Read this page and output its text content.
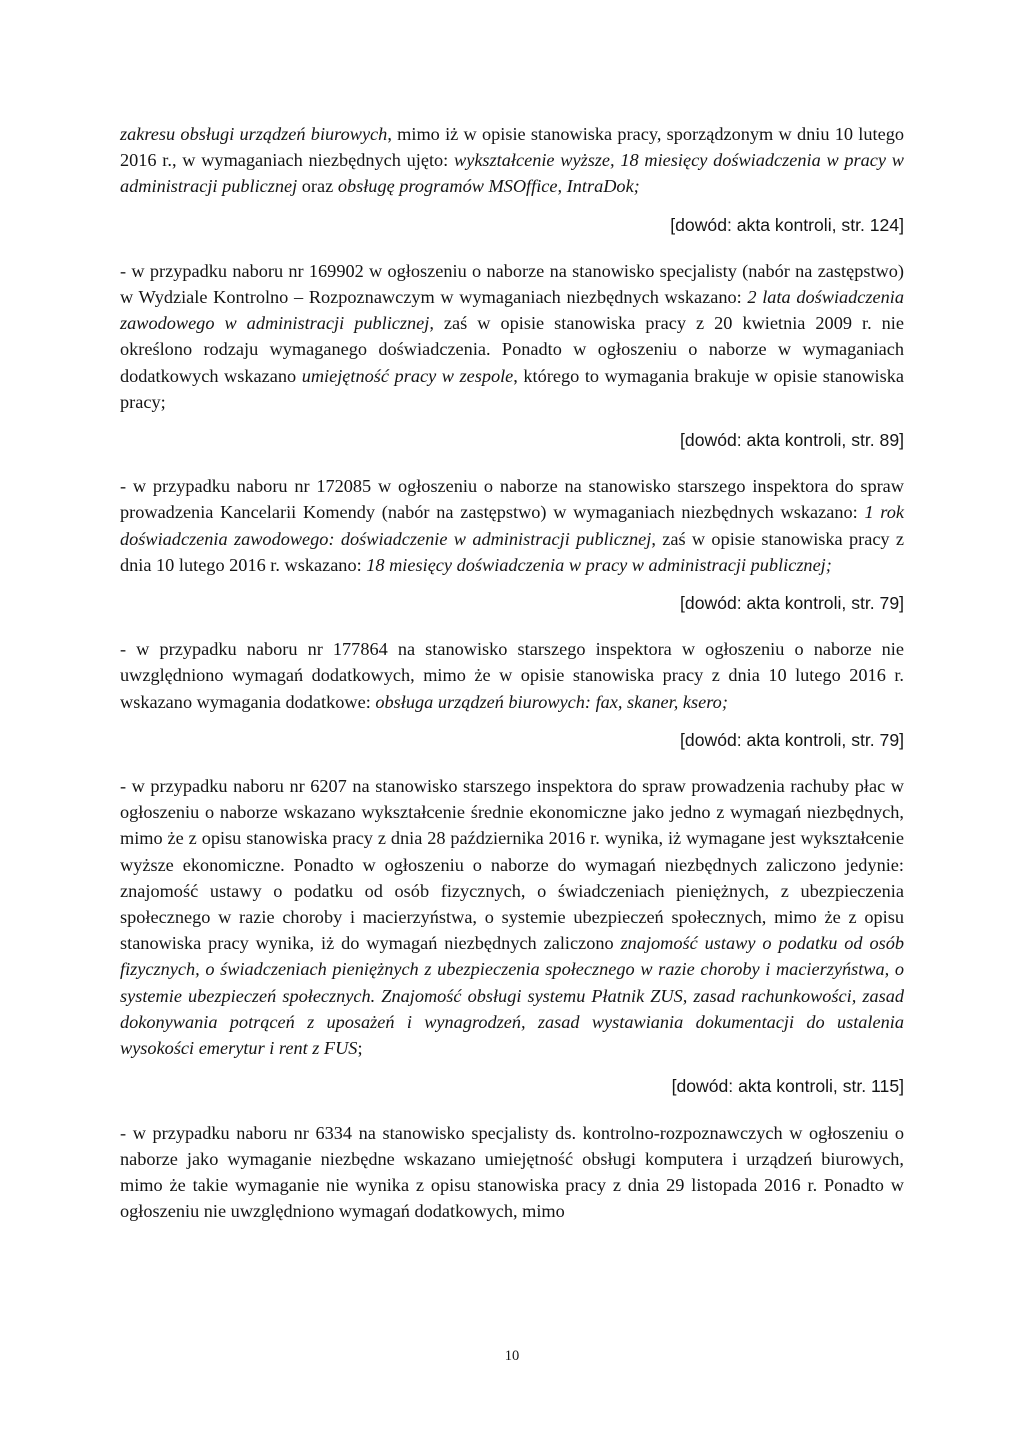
zakresu obsługi urządzeń biurowych, mimo iż w opisie stanowiska pracy, sporządzonym w dniu 10 lutego 2016 r., w wymaganiach niezbędnych ujęto: wykształcenie wyższe, 18 miesięcy doświadczenia w pracy w administracji publicznej oraz obsługę programów MSOffice, IntraDok;

[dowód: akta kontroli, str. 124]

- w przypadku naboru nr 169902 w ogłoszeniu o naborze na stanowisko specjalisty (nabór na zastępstwo) w Wydziale Kontrolno – Rozpoznawczym w wymaganiach niezbędnych wskazano: 2 lata doświadczenia zawodowego w administracji publicznej, zaś w opisie stanowiska pracy z 20 kwietnia 2009 r. nie określono rodzaju wymaganego doświadczenia. Ponadto w ogłoszeniu o naborze w wymaganiach dodatkowych wskazano umiejętność pracy w zespole, którego to wymagania brakuje w opisie stanowiska pracy;

[dowód: akta kontroli, str. 89]

- w przypadku naboru nr 172085 w ogłoszeniu o naborze na stanowisko starszego inspektora do spraw prowadzenia Kancelarii Komendy (nabór na zastępstwo) w wymaganiach niezbędnych wskazano: 1 rok doświadczenia zawodowego: doświadczenie w administracji publicznej, zaś w opisie stanowiska pracy z dnia 10 lutego 2016 r. wskazano: 18 miesięcy doświadczenia w pracy w administracji publicznej;

[dowód: akta kontroli, str. 79]

- w przypadku naboru nr 177864 na stanowisko starszego inspektora w ogłoszeniu o naborze nie uwzględniono wymagań dodatkowych, mimo że w opisie stanowiska pracy z dnia 10 lutego 2016 r. wskazano wymagania dodatkowe: obsługa urządzeń biurowych: fax, skaner, ksero;

[dowód: akta kontroli, str. 79]

- w przypadku naboru nr 6207 na stanowisko starszego inspektora do spraw prowadzenia rachuby płac w ogłoszeniu o naborze wskazano wykształcenie średnie ekonomiczne jako jedno z wymagań niezbędnych, mimo że z opisu stanowiska pracy z dnia 28 października 2016 r. wynika, iż wymagane jest wykształcenie wyższe ekonomiczne. Ponadto w ogłoszeniu o naborze do wymagań niezbędnych zaliczono jedynie: znajomość ustawy o podatku od osób fizycznych, o świadczeniach pieniężnych, z ubezpieczenia społecznego w razie choroby i macierzyństwa, o systemie ubezpieczeń społecznych, mimo że z opisu stanowiska pracy wynika, iż do wymagań niezbędnych zaliczono znajomość ustawy o podatku od osób fizycznych, o świadczeniach pieniężnych z ubezpieczenia społecznego w razie choroby i macierzyństwa, o systemie ubezpieczeń społecznych. Znajomość obsługi systemu Płatnik ZUS, zasad rachunkowości, zasad dokonywania potrąceń z uposażeń i wynagrodzeń, zasad wystawiania dokumentacji do ustalenia wysokości emerytur i rent z FUS;

[dowód: akta kontroli, str. 115]

- w przypadku naboru nr 6334 na stanowisko specjalisty ds. kontrolno-rozpoznawczych w ogłoszeniu o naborze jako wymaganie niezbędne wskazano umiejętność obsługi komputera i urządzeń biurowych, mimo że takie wymaganie nie wynika z opisu stanowiska pracy z dnia 29 listopada 2016 r. Ponadto w ogłoszeniu nie uwzględniono wymagań dodatkowych, mimo

10
